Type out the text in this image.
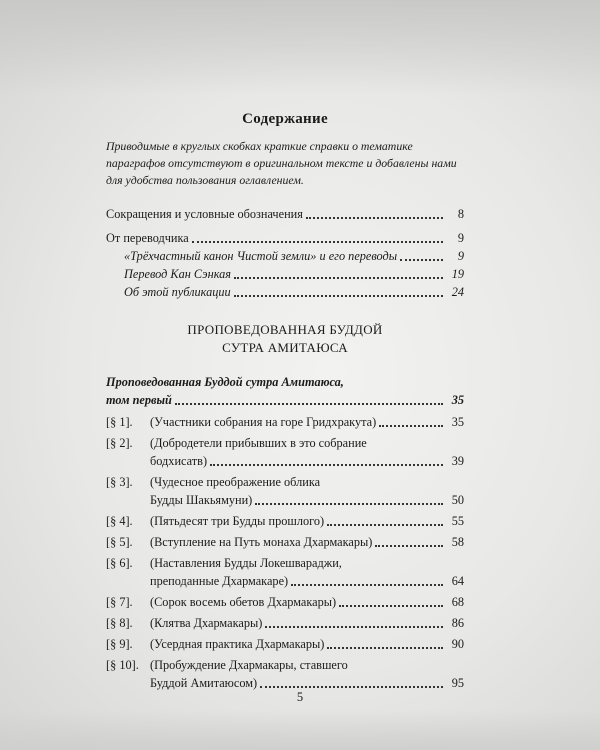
Содержание

Приводимые в круглых скобках краткие справки о тематике параграфов отсутствуют в оригинальном тексте и добавлены нами для удобства пользования оглавлением.

Сокращения и условные обозначения	8
От переводчика	9
«Трёхчастный канон Чистой земли» и его переводы	9
Перевод Кан Сэнкая	19
Об этой публикации	24
ПРОПОВЕДОВАННАЯ БУДДОЙ
СУТРА АМИТАЮСА
Проповедованная Буддой сутра Амитаюса,
том первый	35
[§ 1].	(Участники собрания на горе Гридхракута)	35
[§ 2].	(Добродетели прибывших в это собрание
бодхисатв)	39
[§ 3].	(Чудесное преображение облика
Будды Шакьямуни)	50
[§ 4].	(Пятьдесят три Будды прошлого)	55
[§ 5].	(Вступление на Путь монаха Дхармакары)	58
[§ 6].	(Наставления Будды Локешвараджи,
преподанные Дхармакаре)	64
[§ 7].	(Сорок восемь обетов Дхармакары)	68
[§ 8].	(Клятва Дхармакары)	86
[§ 9].	(Усердная практика Дхармакары)	90
[§ 10]. (Пробуждение Дхармакары, ставшего
Буддой Амитаюсом)	95
5
